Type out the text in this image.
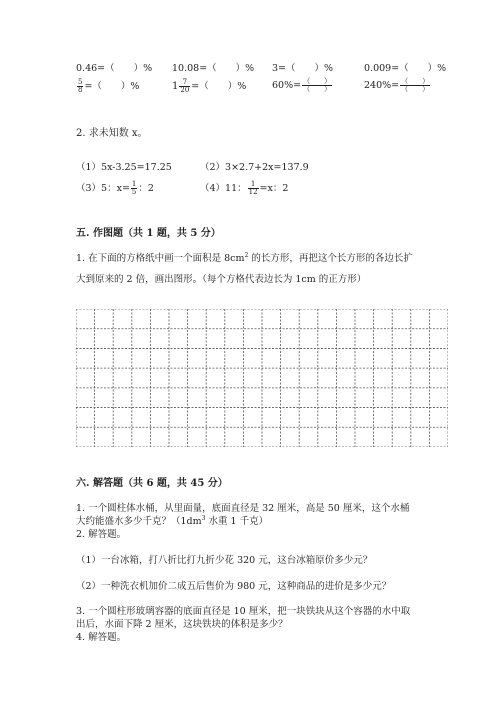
0.46=（　　）% 10.08=（　　）% 3=（　　）%	0.009=（　　）%
$\frac{5}{8}$ =（　　）%	$1 \frac{7}{20}$ =（　　）%	$60\%= \frac{( )}{( )}$	$240\%= \frac{( )}{( )}$
2. 求未知数 x。
（1）5x-3.25=17.25	（2）3×2.7+2x=137.9
（3）5：$x= \frac{1}{5}$ ：2	（4）11： $\frac{1}{12} =x$：2
五. 作图题（共 1 题，共 5 分）
1. 在下面的方格纸中画一个面积是 $8cm^2$ 的长方形，再把这个长方形的各边长扩
大到原来的 2 倍，画出图形。（每个方格代表边长为 1cm 的正方形）
六. 解答题（共 6 题，共 45 分）
1. 一个圆柱体水桶，从里面量，底面直径是 32 厘米，高是 50 厘米，这个水桶
大约能盛水多少千克？（$1dm^3$ 水重 1 千克）
2. 解答题。
（1）一台冰箱，打八折比打九折少花 320 元，这台冰箱原价多少元？
（2）一种洗衣机加价二成五后售价为 980 元，这种商品的进价是多少元？
3. 一个圆柱形玻璃容器的底面直径是 10 厘米，把一块铁块从这个容器的水中取
出后，水面下降 2 厘米，这块铁块的体积是多少？
4. 解答题。
